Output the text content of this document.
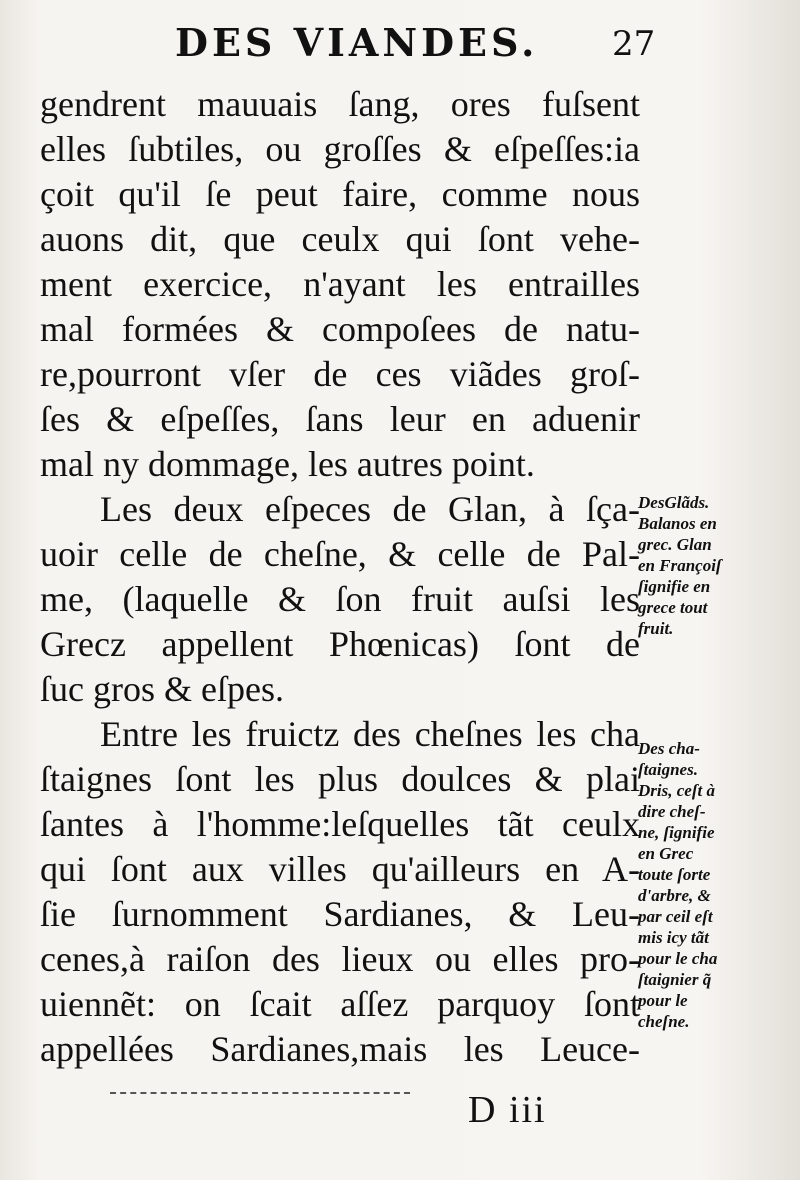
DES VIANDES. 27
gendrent mauuais ſang, ores fuſsent
elles ſubtiles, ou groſſes & eſpeſſes:ia
çoit qu'il ſe peut faire, comme nous
auons dit, que ceulx qui ſont vehe-
ment exercice, n'ayant les entrailles
mal formées & compoſees de natu-
re,pourront vſer de ces viãdes groſ-
ſes & eſpeſſes, ſans leur en aduenir
mal ny dommage, les autres point.
Les deux eſpeces de Glan, à ſça-
uoir celle de cheſne, & celle de Pal-
me, (laquelle & ſon fruit auſsi les
Grecz appellent Phœnicas) ſont de
ſuc gros & eſpes.
Entre les fruictz des cheſnes les cha
ſtaignes ſont les plus doulces & plai
ſantes à l'homme:leſquelles tãt ceulx
qui ſont aux villes qu'ailleurs en A-
ſie ſurnomment Sardianes, & Leu-
cenes,à raiſon des lieux ou elles pro-
uiennẽt: on ſcait aſſez parquoy ſont
appellées Sardianes,mais les Leuce-
DesGlãds.
Balanos en
grec. Glan
en Françoiſ
ſignifie en
grece tout
fruit.
Des cha-
ſtaignes.
Dris, ceſt à
dire cheſ-
ne, ſignifie
en Grec
toute ſorte
d'arbre, &
par ceil eſt
mis icy tãt
pour le cha
ſtaignier q̃
pour le
cheſne.
D iii
